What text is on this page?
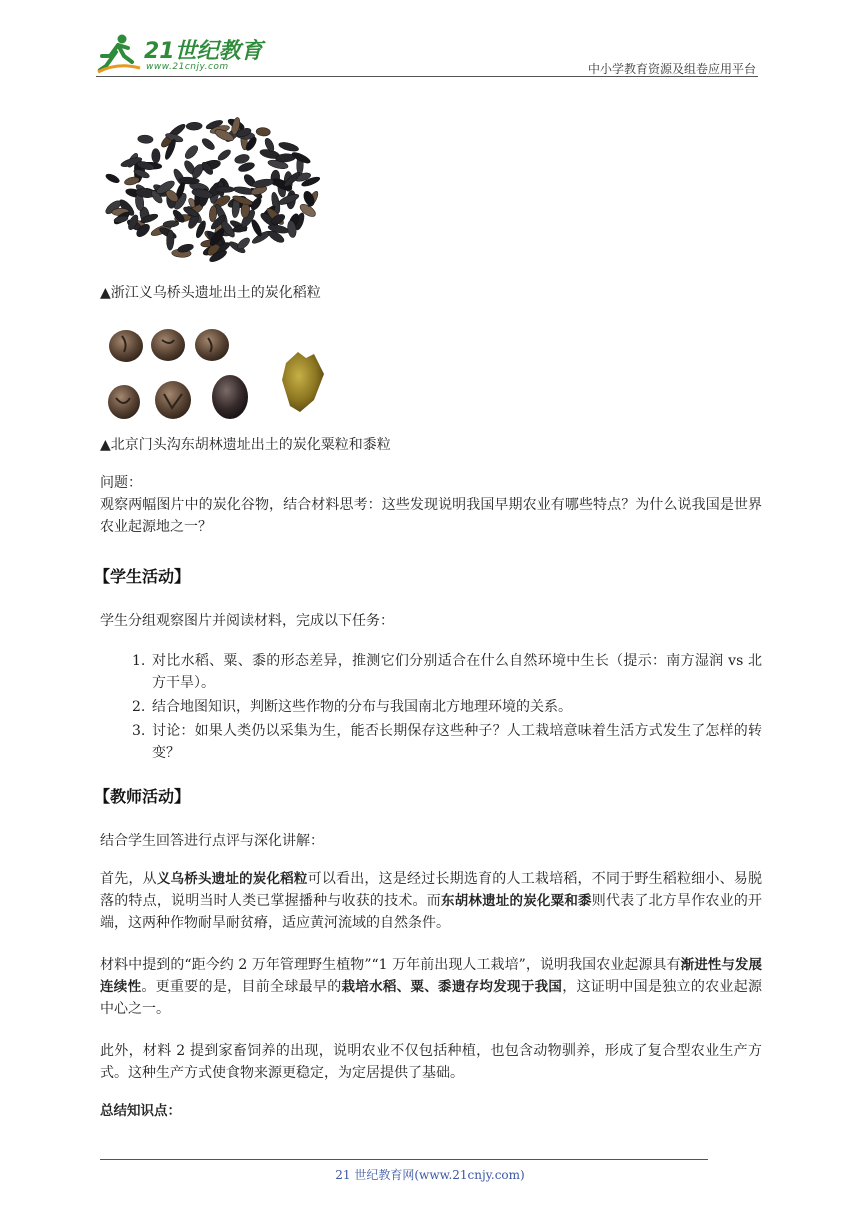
21世纪教育
www.21cnjy.com	中小学教育资源及组卷应用平台
▲浙江义乌桥头遗址出土的炭化稻粒
▲北京门头沟东胡林遗址出土的炭化粟粒和黍粒
问题：
观察两幅图片中的炭化谷物，结合材料思考：这些发现说明我国早期农业有哪些特点？为什么说我国是世界农业起源地之一？
【学生活动】
学生分组观察图片并阅读材料，完成以下任务：
1. 对比水稻、粟、黍的形态差异，推测它们分别适合在什么自然环境中生长（提示：南方湿润 vs 北方干旱）。
2. 结合地图知识，判断这些作物的分布与我国南北方地理环境的关系。
3. 讨论：如果人类仍以采集为生，能否长期保存这些种子？人工栽培意味着生活方式发生了怎样的转变？
【教师活动】
结合学生回答进行点评与深化讲解：
首先，从义乌桥头遗址的炭化稻粒可以看出，这是经过长期选育的人工栽培稻，不同于野生稻粒细小、易脱落的特点，说明当时人类已掌握播种与收获的技术。而东胡林遗址的炭化粟和黍则代表了北方旱作农业的开端，这两种作物耐旱耐贫瘠，适应黄河流域的自然条件。
材料中提到的“距今约 2 万年管理野生植物”“1 万年前出现人工栽培”，说明我国农业起源具有渐进性与发展连续性。更重要的是，目前全球最早的栽培水稻、粟、黍遗存均发现于我国，这证明中国是独立的农业起源中心之一。
此外，材料 2 提到家畜饲养的出现，说明农业不仅包括种植，也包含动物驯养，形成了复合型农业生产方式。这种生产方式使食物来源更稳定，为定居提供了基础。
总结知识点：
21 世纪教育网(www.21cnjy.com)
